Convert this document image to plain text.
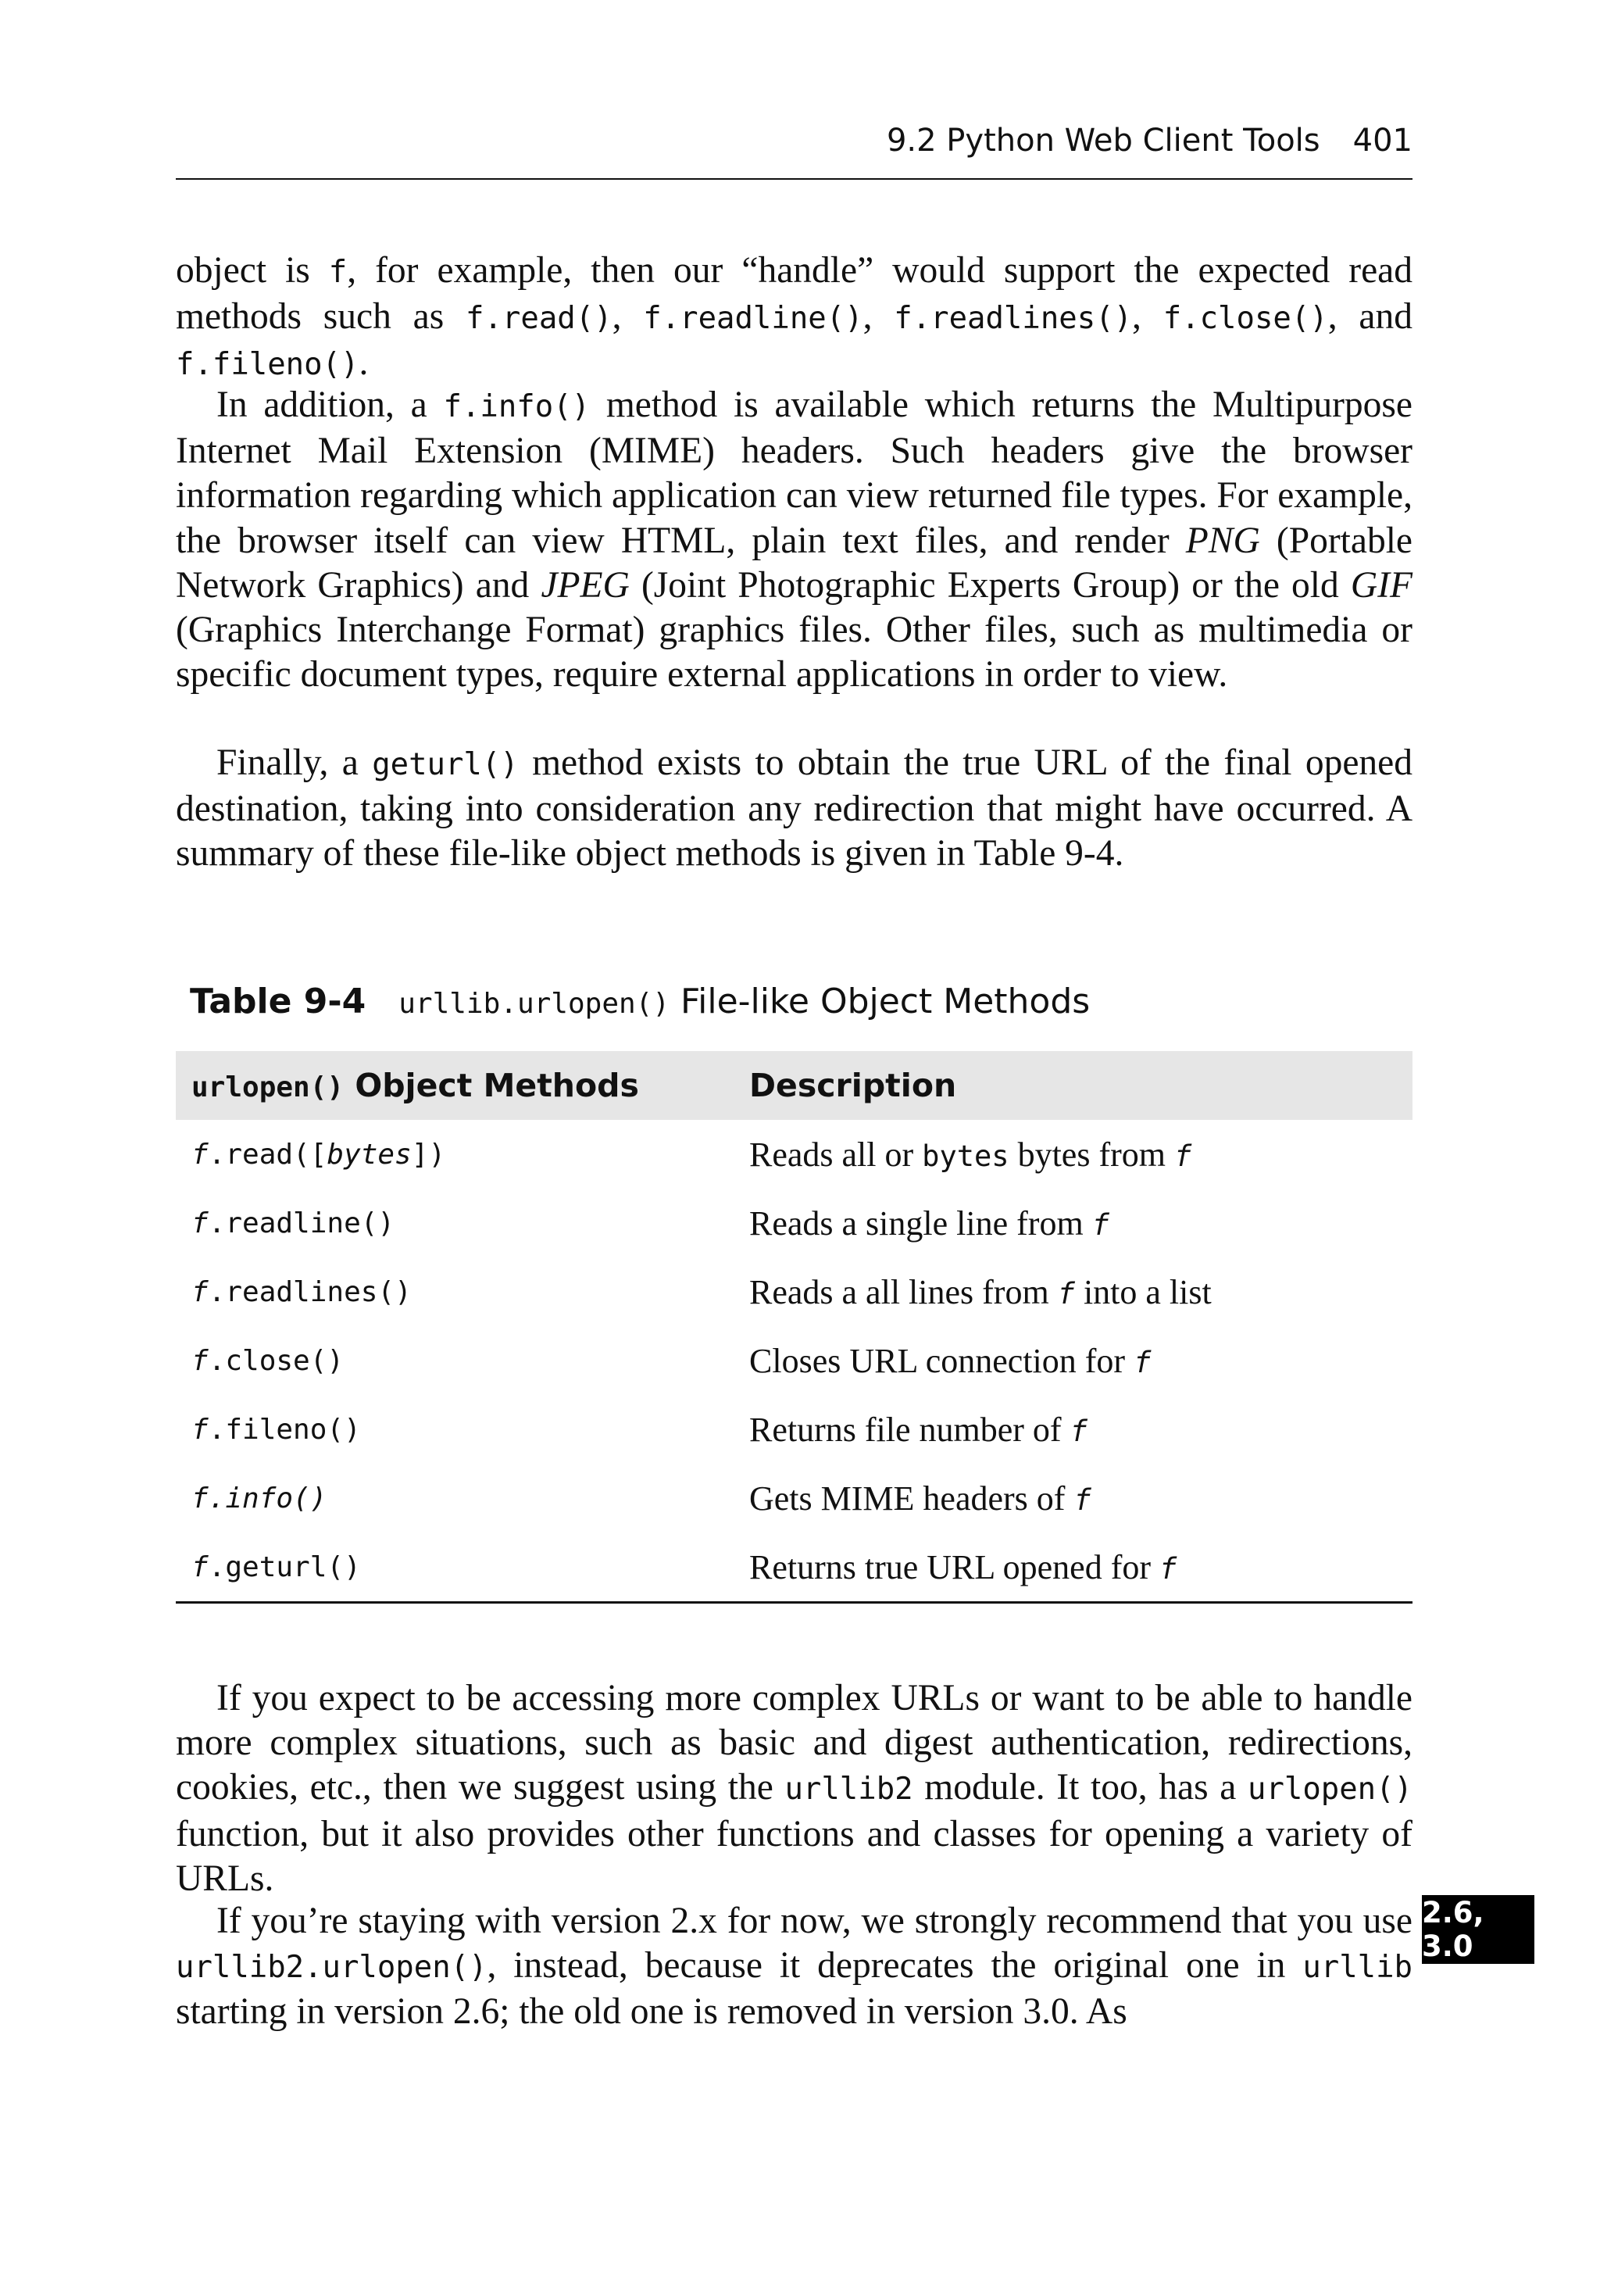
9.2 Python Web Client Tools 401
object is f, for example, then our “handle” would support the expected read methods such as f.read(), f.readline(), f.readlines(), f.close(), and f.fileno().
In addition, a f.info() method is available which returns the Multipurpose Internet Mail Extension (MIME) headers. Such headers give the browser information regarding which application can view returned file types. For example, the browser itself can view HTML, plain text files, and render PNG (Portable Network Graphics) and JPEG (Joint Photographic Experts Group) or the old GIF (Graphics Interchange Format) graphics files. Other files, such as multimedia or specific document types, require external applications in order to view.
Finally, a geturl() method exists to obtain the true URL of the final opened destination, taking into consideration any redirection that might have occurred. A summary of these file-like object methods is given in Table 9-4.
Table 9-4 urllib.urlopen() File-like Object Methods
urlopen() Object Methods	Description
f.read([bytes])	Reads all or bytes bytes from f
f.readline()	Reads a single line from f
f.readlines()	Reads a all lines from f into a list
f.close()	Closes URL connection for f
f.fileno()	Returns file number of f
f.info()	Gets MIME headers of f
f.geturl()	Returns true URL opened for f
If you expect to be accessing more complex URLs or want to be able to handle more complex situations, such as basic and digest authentication, redirections, cookies, etc., then we suggest using the urllib2 module. It too, has a urlopen() function, but it also provides other functions and classes for opening a variety of URLs.
If you’re staying with version 2.x for now, we strongly recommend that you use urllib2.urlopen(), instead, because it deprecates the original one in urllib starting in version 2.6; the old one is removed in version 3.0. As
2.6, 3.0
